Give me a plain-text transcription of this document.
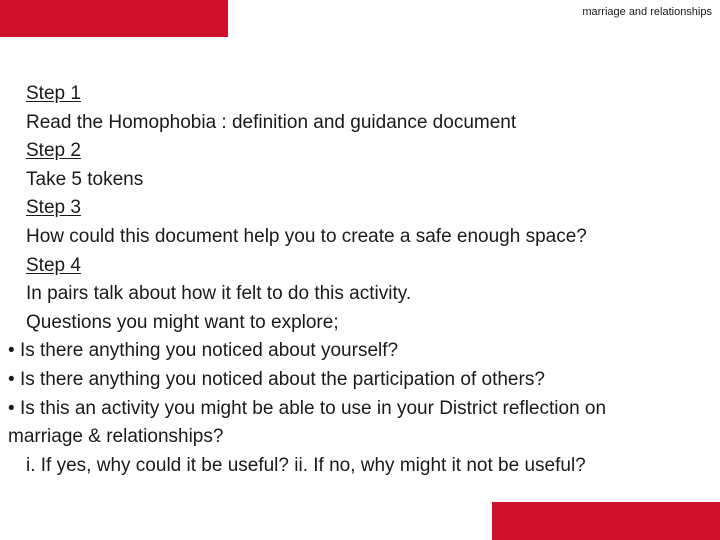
marriage and relationships
Step 1
Read the Homophobia : definition and guidance document
Step 2
Take 5 tokens
Step 3
How could this document help you to create a safe enough space?
Step 4
In pairs talk about how it felt to do this activity.
Questions you might want to explore;
• Is there anything you noticed about yourself?
• Is there anything you noticed about the participation of others?
• Is this an activity you might be able to use in your District reflection on
marriage & relationships?
i. If yes, why could it be useful? ii. If no, why might it not be useful?
